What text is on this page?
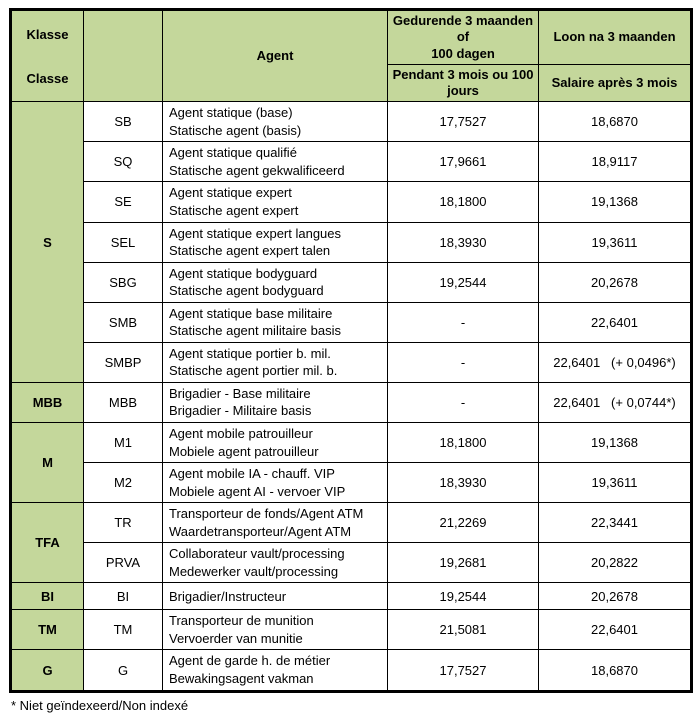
Klasse
Classe		Agent	Gedurende 3 maanden of
100 dagen	Loon na 3 maanden

			Pendant 3 mois ou 100
jours	Salaire après 3 mois
S	SB	Agent statique (base)
Statische agent (basis)	17,7527	18,6870
	SQ	Agent statique qualifié
Statische agent gekwalificeerd	17,9661	18,9117
	SE	Agent statique expert
Statische agent expert	18,1800	19,1368
	SEL	Agent statique expert langues
Statische agent expert talen	18,3930	19,3611
	SBG	Agent statique bodyguard
Statische agent bodyguard	19,2544	20,2678
	SMB	Agent statique base militaire
Statische agent militaire basis	-	22,6401
	SMBP	Agent statique portier b. mil.
Statische agent portier mil. b.	-	22,6401   (+ 0,0496*)
MBB	MBB	Brigadier - Base militaire
Brigadier - Militaire basis	-	22,6401   (+ 0,0744*)
M	M1	Agent mobile patrouilleur
Mobiele agent patrouilleur	18,1800	19,1368
	M2	Agent mobile IA - chauff. VIP
Mobiele agent AI - vervoer VIP	18,3930	19,3611
TFA	TR	Transporteur de fonds/Agent ATM
Waardetransporteur/Agent ATM	21,2269	22,3441
	PRVA	Collaborateur vault/processing
Medewerker vault/processing	19,2681	20,2822
BI	BI	Brigadier/Instructeur	19,2544	20,2678
TM	TM	Transporteur de munition
Vervoerder van munitie	21,5081	22,6401
G	G	Agent de garde h. de métier
Bewakingsagent vakman	17,7527	18,6870
* Niet geïndexeerd/Non indexé
